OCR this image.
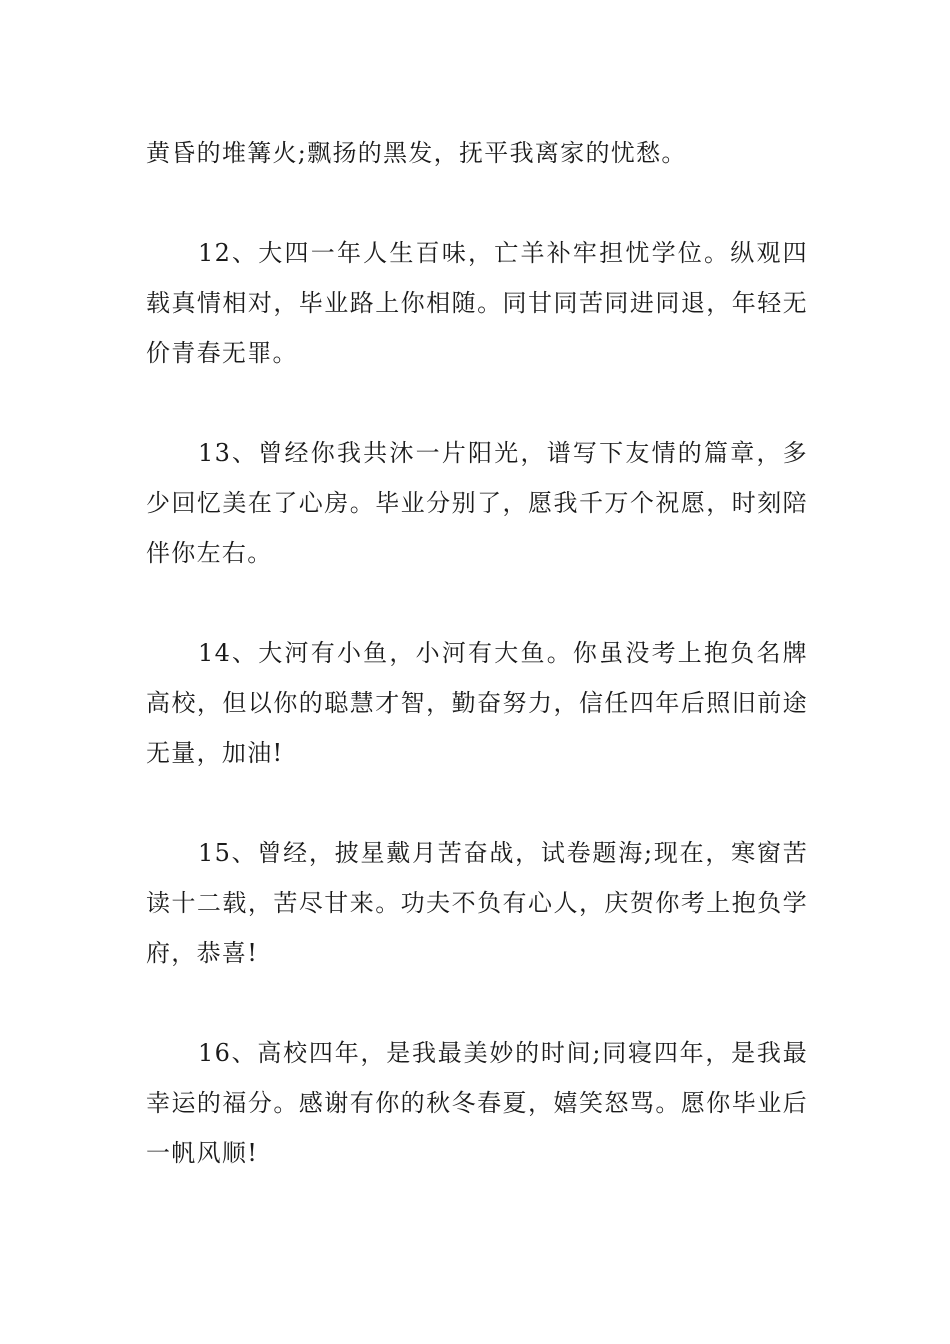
黄昏的堆篝火;飘扬的黑发，抚平我离家的忧愁。

12、大四一年人生百味，亡羊补牢担忧学位。纵观四载真情相对，毕业路上你相随。同甘同苦同进同退，年轻无价青春无罪。

13、曾经你我共沐一片阳光，谱写下友情的篇章，多少回忆美在了心房。毕业分别了，愿我千万个祝愿，时刻陪伴你左右。

14、大河有小鱼，小河有大鱼。你虽没考上抱负名牌高校，但以你的聪慧才智，勤奋努力，信任四年后照旧前途无量，加油!

15、曾经，披星戴月苦奋战，试卷题海;现在，寒窗苦读十二载，苦尽甘来。功夫不负有心人，庆贺你考上抱负学府，恭喜!

16、高校四年，是我最美妙的时间;同寝四年，是我最幸运的福分。感谢有你的秋冬春夏，嬉笑怒骂。愿你毕业后一帆风顺!
